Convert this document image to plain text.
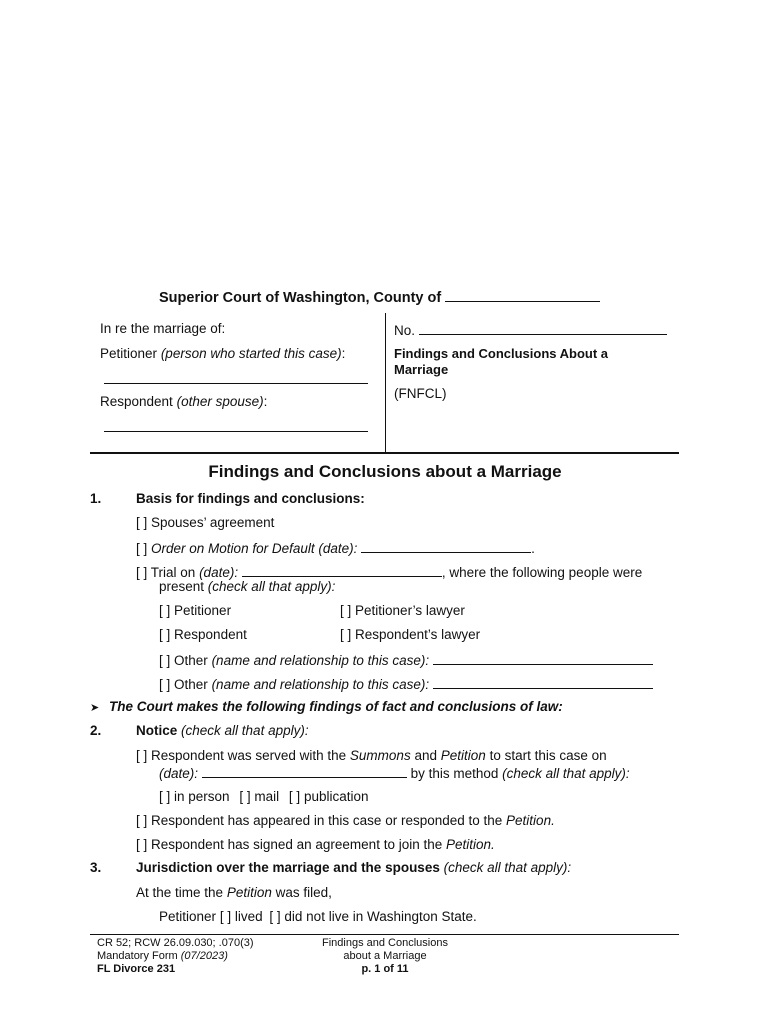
Superior Court of Washington, County of
In re the marriage of:
Petitioner (person who started this case):
Respondent (other spouse):
No.
Findings and Conclusions About a
Marriage
(FNFCL)
Findings and Conclusions about a Marriage
1.	Basis for findings and conclusions:
[ ] Spouses’ agreement
[ ] Order on Motion for Default (date):	.
[ ] Trial on (date):	, where the following people were
present (check all that apply):
[ ] Petitioner	[ ] Petitioner’s lawyer
[ ] Respondent	[ ] Respondent’s lawyer
[ ] Other (name and relationship to this case):
[ ] Other (name and relationship to this case):
➤ The Court makes the following findings of fact and conclusions of law:
2.	Notice (check all that apply):
[ ] Respondent was served with the Summons and Petition to start this case on
(date):	by this method (check all that apply):
[ ] in person [ ] mail [ ] publication
[ ] Respondent has appeared in this case or responded to the Petition.
[ ] Respondent has signed an agreement to join the Petition.
3.	Jurisdiction over the marriage and the spouses (check all that apply):
At the time the Petition was filed,
Petitioner [ ] lived [ ] did not live in Washington State.
CR 52; RCW 26.09.030; .070(3)
Mandatory Form (07/2023)
FL Divorce 231
Findings and Conclusions
about a Marriage
p. 1 of 11
